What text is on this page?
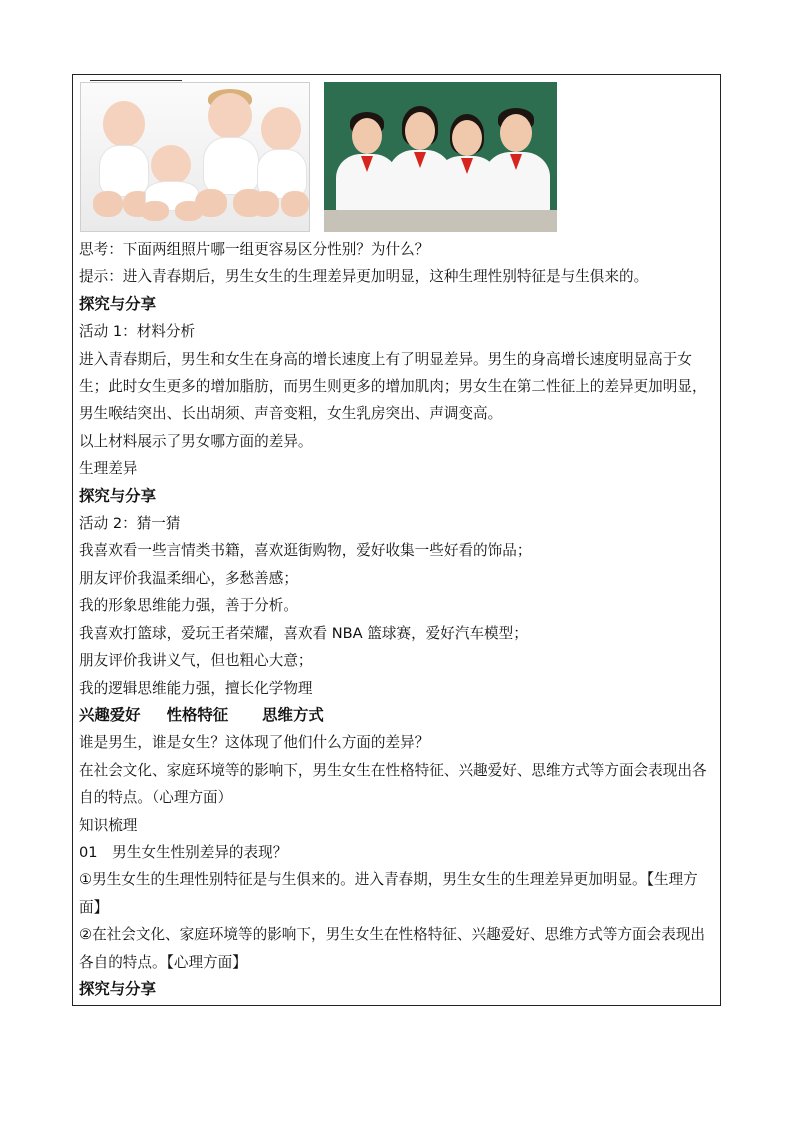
思考：下面两组照片哪一组更容易区分性别？为什么？
提示：进入青春期后，男生女生的生理差异更加明显，这种生理性别特征是与生俱来的。
探究与分享
活动 1：材料分析
进入青春期后，男生和女生在身高的增长速度上有了明显差异。男生的身高增长速度明显高于女生；此时女生更多的增加脂肪，而男生则更多的增加肌肉；男女生在第二性征上的差异更加明显，男生喉结突出、长出胡须、声音变粗，女生乳房突出、声调变高。
以上材料展示了男女哪方面的差异。
生理差异
探究与分享
活动 2：猜一猜
我喜欢看一些言情类书籍，喜欢逛街购物，爱好收集一些好看的饰品；
朋友评价我温柔细心，多愁善感；
我的形象思维能力强，善于分析。
我喜欢打篮球，爱玩王者荣耀，喜欢看 NBA 篮球赛，爱好汽车模型；
朋友评价我讲义气，但也粗心大意；
我的逻辑思维能力强，擅长化学物理
兴趣爱好 性格特征 思维方式
谁是男生，谁是女生？这体现了他们什么方面的差异？
在社会文化、家庭环境等的影响下，男生女生在性格特征、兴趣爱好、思维方式等方面会表现出各自的特点。（心理方面）
知识梳理
01　男生女生性别差异的表现？
①男生女生的生理性别特征是与生俱来的。进入青春期，男生女生的生理差异更加明显。【生理方面】
②在社会文化、家庭环境等的影响下，男生女生在性格特征、兴趣爱好、思维方式等方面会表现出各自的特点。【心理方面】
探究与分享
